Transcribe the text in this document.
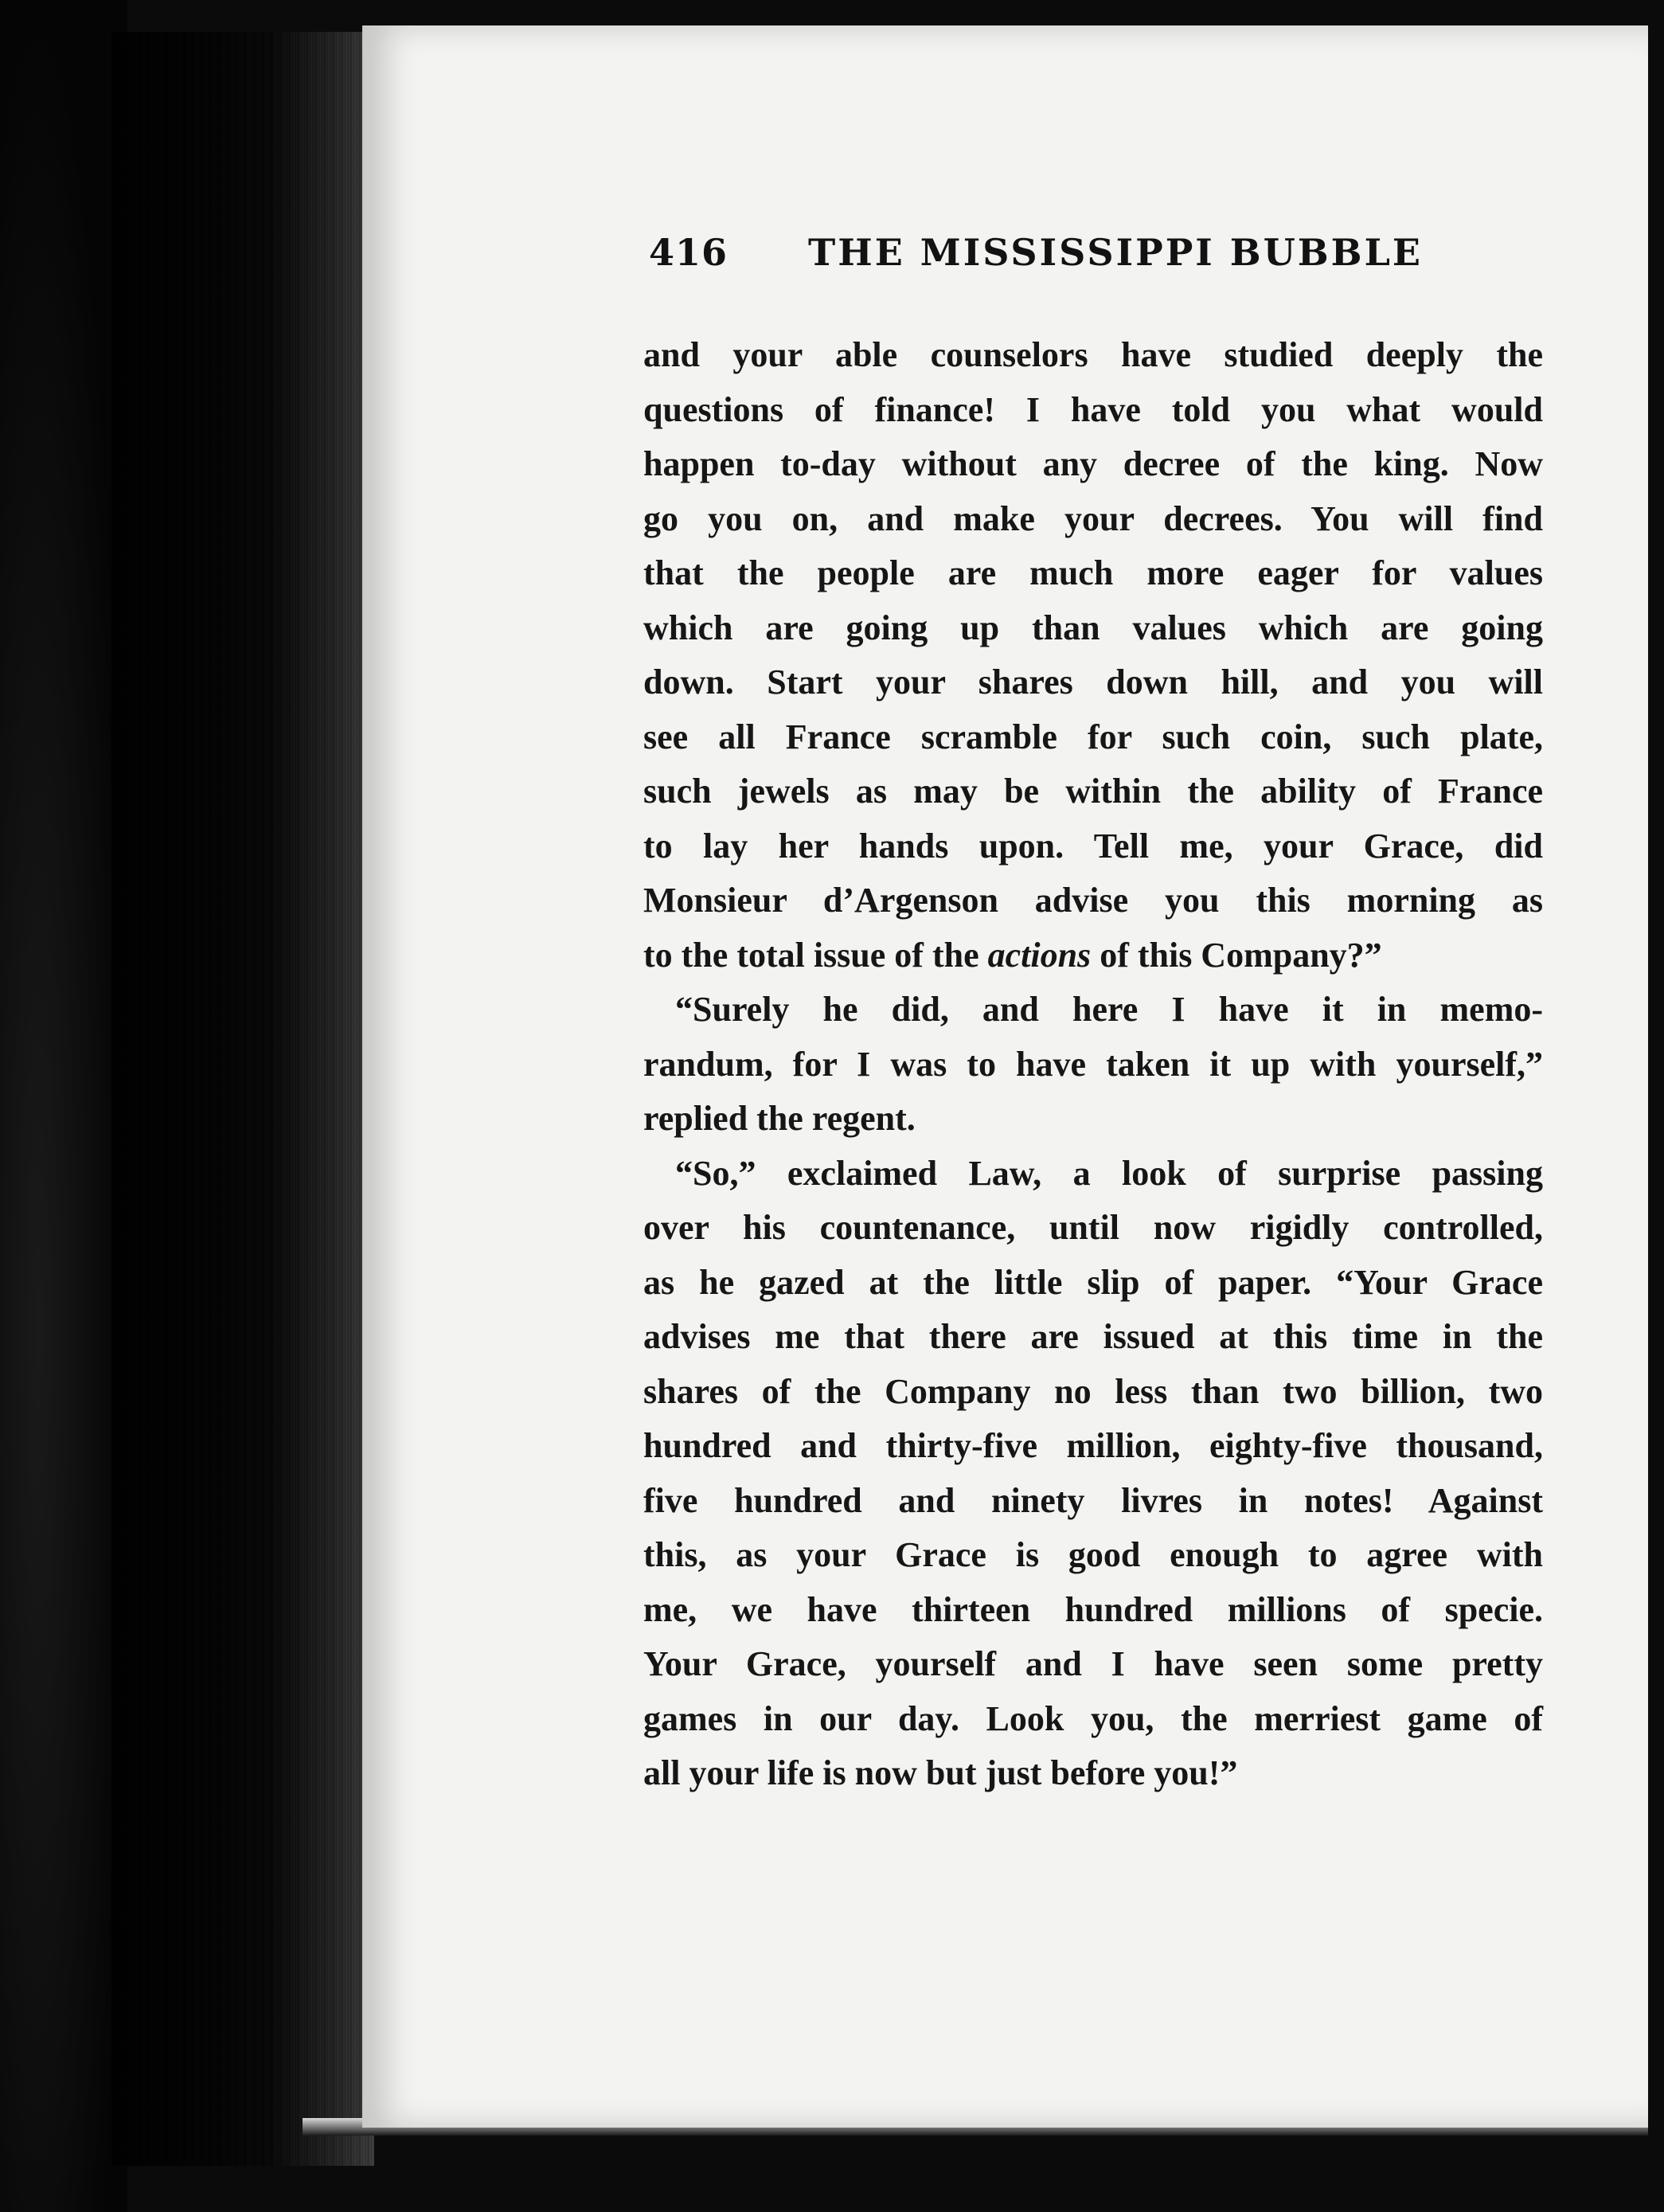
416 THE MISSISSIPPI BUBBLE
and your able counselors have studied deeply the
questions of finance! I have told you what would
happen to-day without any decree of the king. Now
go you on, and make your decrees. You will find
that the people are much more eager for values
which are going up than values which are going
down. Start your shares down hill, and you will
see all France scramble for such coin, such plate,
such jewels as may be within the ability of France
to lay her hands upon. Tell me, your Grace, did
Monsieur d’Argenson advise you this morning as
to the total issue of the actions of this Company?”
“Surely he did, and here I have it in memo-
randum, for I was to have taken it up with yourself,”
replied the regent.
“So,” exclaimed Law, a look of surprise passing
over his countenance, until now rigidly controlled,
as he gazed at the little slip of paper. “Your Grace
advises me that there are issued at this time in the
shares of the Company no less than two billion, two
hundred and thirty-five million, eighty-five thousand,
five hundred and ninety livres in notes! Against
this, as your Grace is good enough to agree with
me, we have thirteen hundred millions of specie.
Your Grace, yourself and I have seen some pretty
games in our day. Look you, the merriest game of
all your life is now but just before you!”
